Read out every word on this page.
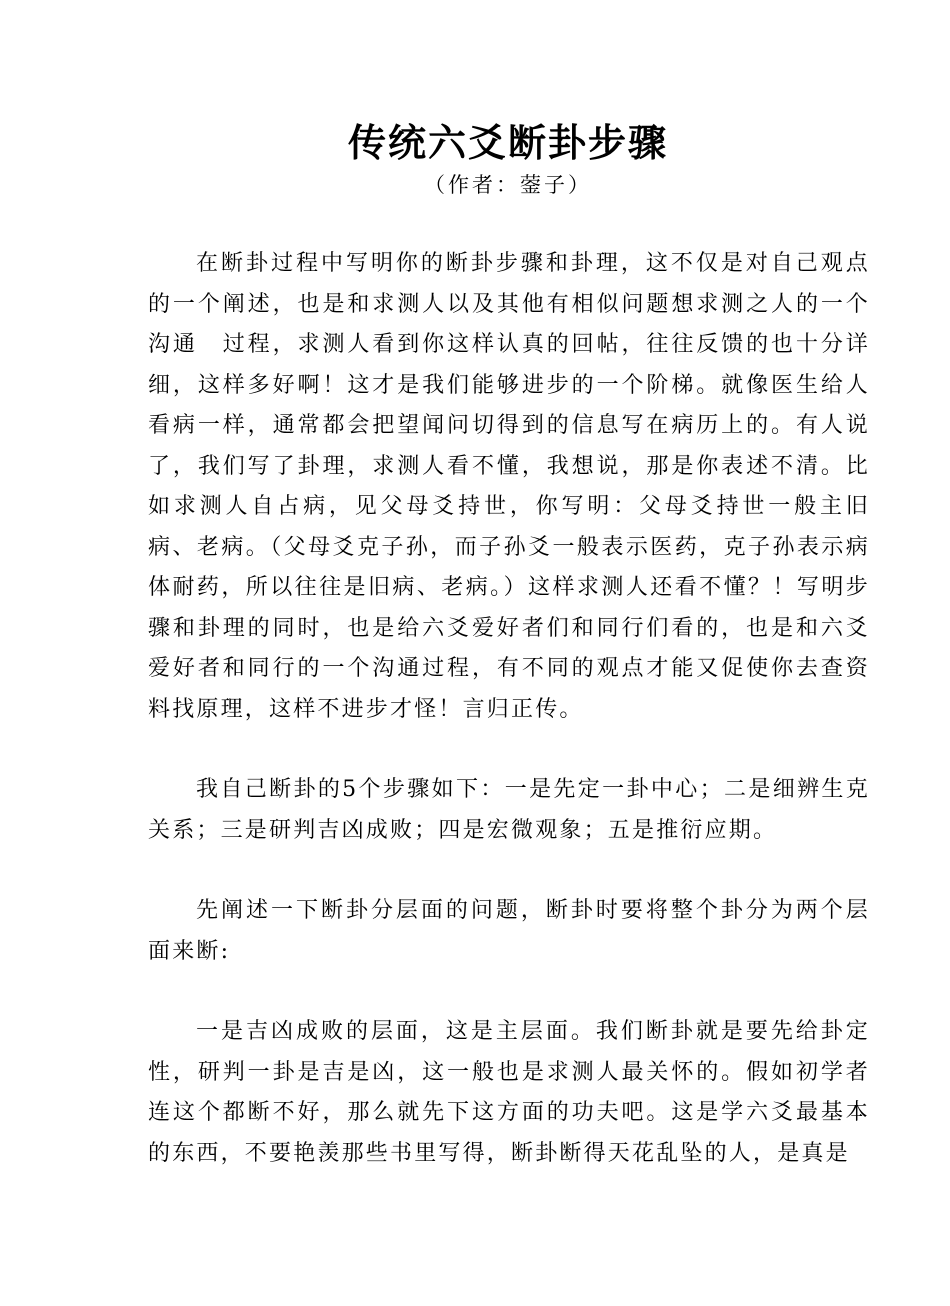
传统六爻断卦步骤
（作者：蓥子）

在断卦过程中写明你的断卦步骤和卦理，这不仅是对自己观点的一个阐述，也是和求测人以及其他有相似问题想求测之人的一个沟通　过程，求测人看到你这样认真的回帖，往往反馈的也十分详细，这样多好啊！这才是我们能够进步的一个阶梯。就像医生给人看病一样，通常都会把望闻问切得到的信息写在病历上的。有人说了，我们写了卦理，求测人看不懂，我想说，那是你表述不清。比如求测人自占病，见父母爻持世，你写明：父母爻持世一般主旧病、老病。（父母爻克子孙，而子孙爻一般表示医药，克子孙表示病体耐药，所以往往是旧病、老病。）这样求测人还看不懂？！写明步骤和卦理的同时，也是给六爻爱好者们和同行们看的，也是和六爻爱好者和同行的一个沟通过程，有不同的观点才能又促使你去查资料找原理，这样不进步才怪！言归正传。

我自己断卦的5个步骤如下：一是先定一卦中心；二是细辨生克关系；三是研判吉凶成败；四是宏微观象；五是推衍应期。

先阐述一下断卦分层面的问题，断卦时要将整个卦分为两个层面来断:

一是吉凶成败的层面，这是主层面。我们断卦就是要先给卦定性，研判一卦是吉是凶，这一般也是求测人最关怀的。假如初学者连这个都断不好，那么就先下这方面的功夫吧。这是学六爻最基本的东西，不要艳羡那些书里写得，断卦断得天花乱坠的人，是真是
